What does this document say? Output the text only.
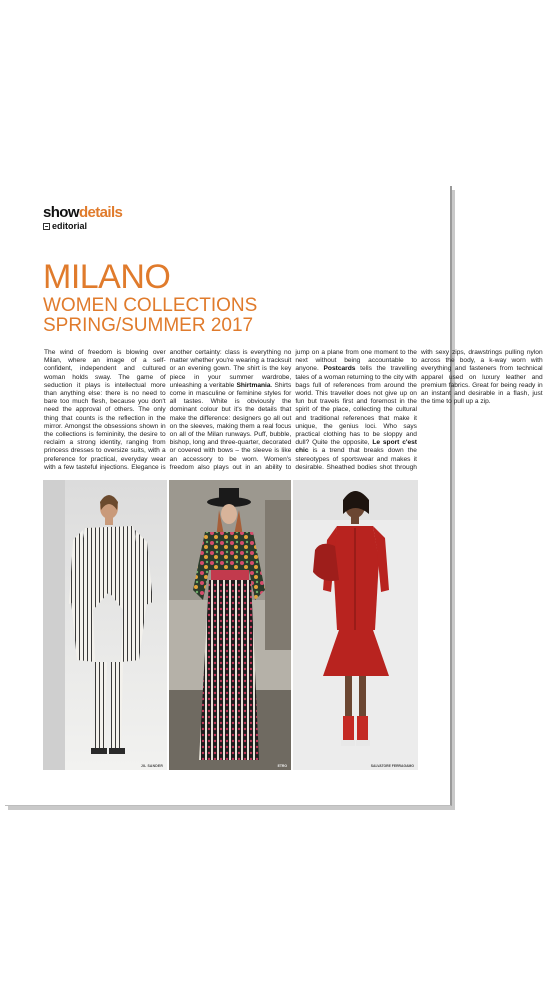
showdetails
editorial
MILANO
WOMEN COLLECTIONS
SPRING/SUMMER 2017

The wind of freedom is blowing over Milan, where an image of a self-confident, independent and cultured woman holds sway. The game of seduction it plays is intellectual more than anything else: there is no need to bare too much flesh, because you don't need the approval of others. The only thing that counts is the reflection in the mirror. Amongst the obsessions shown in the collections is femininity, the desire to reclaim a strong identity, ranging from princess dresses to oversize suits, with a preference for practical, everyday wear with a few tasteful injections. Elegance is another certainty: class is everything no matter whether you're wearing a tracksuit or an evening gown. The shirt is the key piece in your summer wardrobe, unleashing a veritable Shirtmania. Shirts come in masculine or feminine styles for all tastes. White is obviously the dominant colour but it's the details that make the difference: designers go all out on the sleeves, making them a real focus on all of the Milan runways. Puff, bubble, bishop, long and three-quarter, decorated or covered with bows – the sleeve is like an accessory to be worn. Women's freedom also plays out in an ability to jump on a plane from one moment to the next without being accountable to anyone. Postcards tells the travelling tales of a woman returning to the city with bags full of references from around the world. This traveller does not give up on fun but travels first and foremost in the spirit of the place, collecting the cultural and traditional references that make it unique, the genius loci. Who says practical clothing has to be sloppy and dull? Quite the opposite, Le sport c'est chic is a trend that breaks down the stereotypes of sportswear and makes it desirable. Sheathed bodies shot through with sexy zips, drawstrings pulling nylon across the body, a k-way worn with everything and fasteners from technical apparel used on luxury leather and premium fabrics. Great for being ready in an instant and desirable in a flash, just the time to pull up a zip.

JIL SANDER	ETRO	SALVATORE FERRAGAMO
